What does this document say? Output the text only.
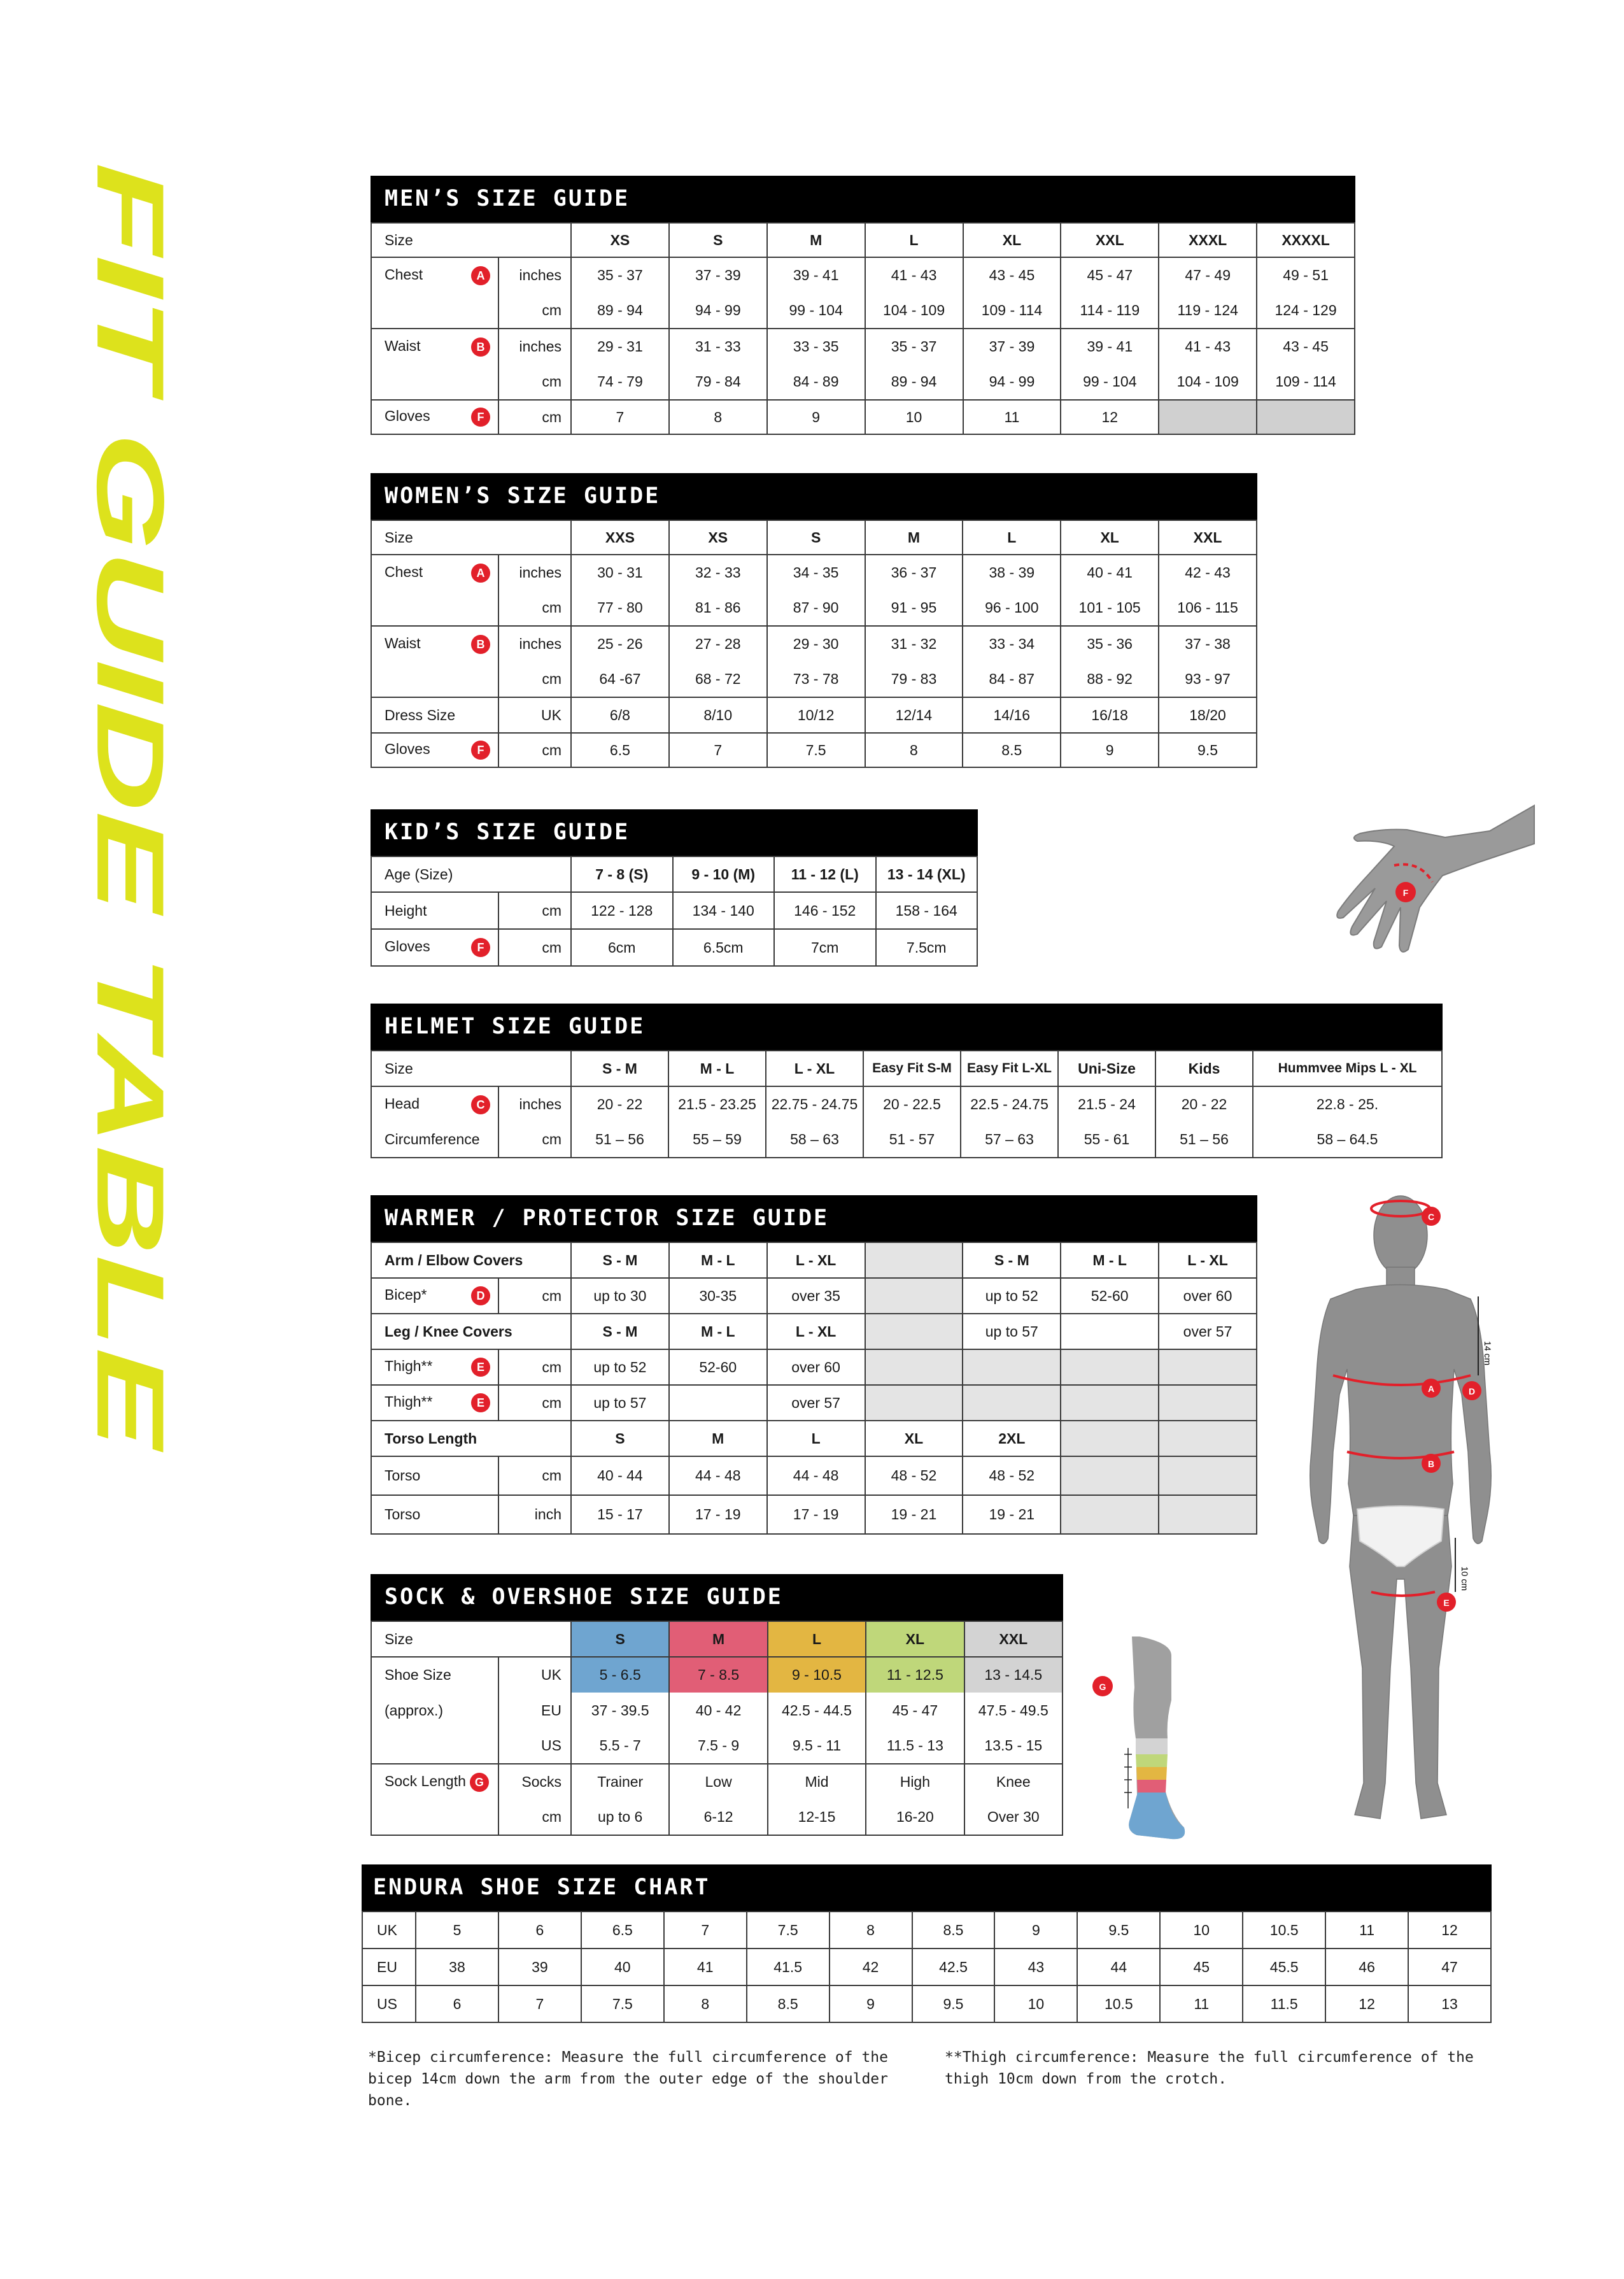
FIT GUIDE TABLE	MEN’S SIZE GUIDE
Size		XS	S	M	L	XL	XXL	XXXL	XXXXL
Chest A	inches	35 - 37	37 - 39	39 - 41	41 - 43	43 - 45	45 - 47	47 - 49	49 - 51
	cm	89 - 94	94 - 99	99 - 104	104 - 109	109 - 114	114 - 119	119 - 124	124 - 129
Waist B	inches	29 - 31	31 - 33	33 - 35	35 - 37	37 - 39	39 - 41	41 - 43	43 - 45
	cm	74 - 79	79 - 84	84 - 89	89 - 94	94 - 99	99 - 104	104 - 109	109 - 114
Gloves F	cm	7	8	9	10	11	12		
WOMEN’S SIZE GUIDE
Size		XXS	XS	S	M	L	XL	XXL
Chest A	inches	30 - 31	32 - 33	34 - 35	36 - 37	38 - 39	40 - 41	42 - 43
	cm	77 - 80	81 - 86	87 - 90	91 - 95	96 - 100	101 - 105	106 - 115
Waist B	inches	25 - 26	27 - 28	29 - 30	31 - 32	33 - 34	35 - 36	37 - 38
	cm	64 -67	68 - 72	73 - 78	79 - 83	84 - 87	88 - 92	93 - 97
Dress Size	UK	6/8	8/10	10/12	12/14	14/16	16/18	18/20
Gloves F	cm	6.5	7	7.5	8	8.5	9	9.5
KID’S SIZE GUIDE
Age (Size)		7 - 8 (S)	9 - 10 (M)	11 - 12 (L)	13 - 14 (XL)
Height	cm	122 - 128	134 - 140	146 - 152	158 - 164
Gloves F	cm	6cm	6.5cm	7cm	7.5cm
HELMET SIZE GUIDE
Size		S - M	M - L	L - XL	Easy Fit S-M	Easy Fit L-XL	Uni-Size	Kids	Hummvee Mips L - XL
Head C	inches	20 - 22	21.5 - 23.25	22.75 - 24.75	20 - 22.5	22.5 - 24.75	21.5 - 24	20 - 22	22.8 - 25.
Circumference	cm	51 – 56	55 – 59	58 – 63	51 - 57	57 – 63	55 - 61	51 – 56	58 – 64.5
WARMER / PROTECTOR SIZE GUIDE
Arm / Elbow Covers		S - M	M - L	L - XL		S - M	M - L	L - XL
Bicep* D	cm	up to 30	30-35	over 35		up to 52	52-60	over 60
Leg / Knee Covers		S - M	M - L	L - XL		up to 57		over 57
Thigh** E	cm	up to 52	52-60	over 60				
Thigh** E	cm	up to 57		over 57				
Torso Length		S	M	L	XL	2XL		
Torso	cm	40 - 44	44 - 48	44 - 48	48 - 52	48 - 52		
Torso	inch	15 - 17	17 - 19	17 - 19	19 - 21	19 - 21		
SOCK & OVERSHOE SIZE GUIDE
Size		S	M	L	XL	XXL
Shoe Size	UK	5 - 6.5	7 - 8.5	9 - 10.5	11 - 12.5	13 - 14.5
(approx.)	EU	37 - 39.5	40 - 42	42.5 - 44.5	45 - 47	47.5 - 49.5
	US	5.5 - 7	7.5 - 9	9.5 - 11	11.5 - 13	13.5 - 15
Sock Length G	Socks	Trainer	Low	Mid	High	Knee
	cm	up to 6	6-12	12-15	16-20	Over 30
ENDURA SHOE SIZE CHART
UK	5	6	6.5	7	7.5	8	8.5	9	9.5	10	10.5	11	12
EU	38	39	40	41	41.5	42	42.5	43	44	45	45.5	46	47
US	6	7	7.5	8	8.5	9	9.5	10	10.5	11	11.5	12	13
*Bicep circumference: Measure the full circumference of the bicep 14cm down the arm from the outer edge of the shoulder bone.
**Thigh circumference: Measure the full circumference of the thigh 10cm down from the crotch.
F
C
A	D
B
E
14 cm
10 cm
G
